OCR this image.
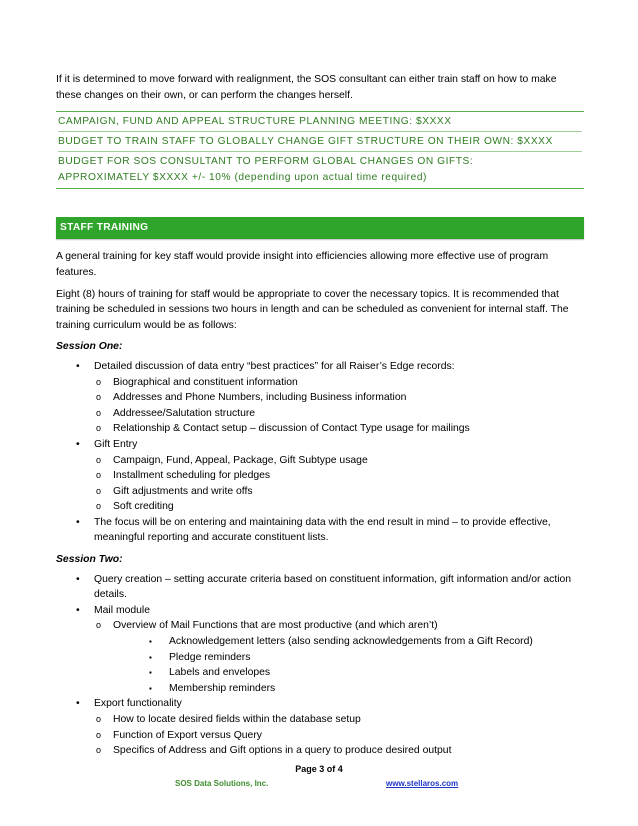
If it is determined to move forward with realignment, the SOS consultant can either train staff on how to make these changes on their own, or can perform the changes herself.

CAMPAIGN, FUND AND APPEAL STRUCTURE PLANNING MEETING: $XXXX
BUDGET TO TRAIN STAFF TO GLOBALLY CHANGE GIFT STRUCTURE ON THEIR OWN: $XXXX
BUDGET FOR SOS CONSULTANT TO PERFORM GLOBAL CHANGES ON GIFTS:
APPROXIMATELY $XXXX +/- 10% (depending upon actual time required)
STAFF TRAINING

A general training for key staff would provide insight into efficiencies allowing more effective use of program features.

Eight (8) hours of training for staff would be appropriate to cover the necessary topics. It is recommended that training be scheduled in sessions two hours in length and can be scheduled as convenient for internal staff. The training curriculum would be as follows:

Session One:
• Detailed discussion of data entry “best practices” for all Raiser’s Edge records:
o Biographical and constituent information
o Addresses and Phone Numbers, including Business information
o Addressee/Salutation structure
o Relationship & Contact setup – discussion of Contact Type usage for mailings
• Gift Entry
o Campaign, Fund, Appeal, Package, Gift Subtype usage
o Installment scheduling for pledges
o Gift adjustments and write offs
o Soft crediting
• The focus will be on entering and maintaining data with the end result in mind – to provide effective, meaningful reporting and accurate constituent lists.
Session Two:
• Query creation – setting accurate criteria based on constituent information, gift information and/or action details.
• Mail module
o Overview of Mail Functions that are most productive (and which aren’t)
▪ Acknowledgement letters (also sending acknowledgements from a Gift Record)
▪ Pledge reminders
▪ Labels and envelopes
▪ Membership reminders
• Export functionality
o How to locate desired fields within the database setup
o Function of Export versus Query
o Specifics of Address and Gift options in a query to produce desired output
Page 3 of 4
SOS Data Solutions, Inc.	www.stellaros.com
